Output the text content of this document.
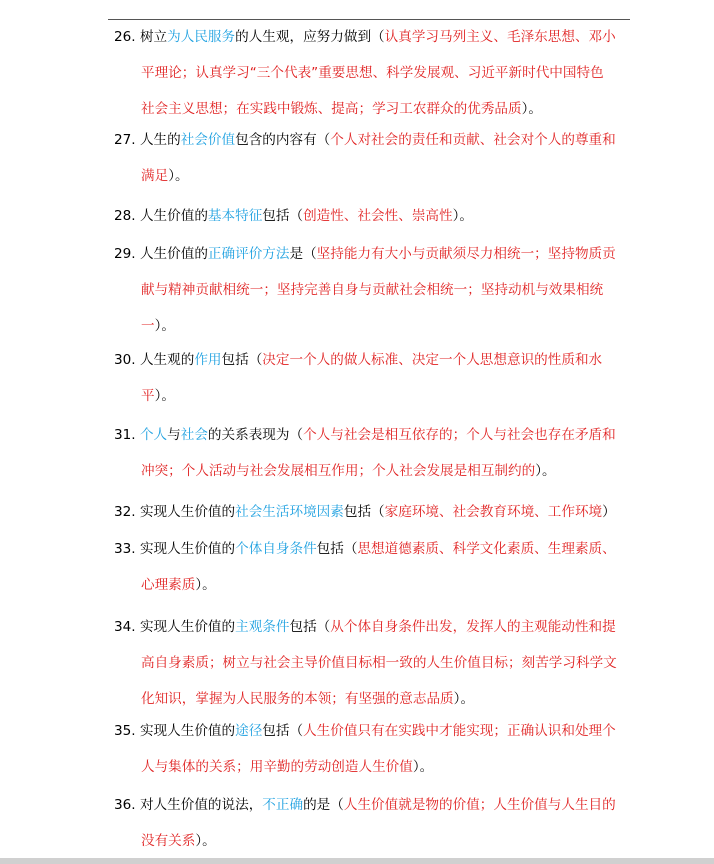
26. 树立为人民服务的人生观，应努力做到（认真学习马列主义、毛泽东思想、邓小
平理论；认真学习“三个代表”重要思想、科学发展观、习近平新时代中国特色
社会主义思想；在实践中锻炼、提高；学习工农群众的优秀品质）。
27. 人生的社会价值包含的内容有（个人对社会的责任和贡献、社会对个人的尊重和
满足）。
28. 人生价值的基本特征包括（创造性、社会性、崇高性）。
29. 人生价值的正确评价方法是（坚持能力有大小与贡献须尽力相统一；坚持物质贡
献与精神贡献相统一；坚持完善自身与贡献社会相统一；坚持动机与效果相统
一）。
30. 人生观的作用包括（决定一个人的做人标准、决定一个人思想意识的性质和水
平）。
31. 个人与社会的关系表现为（个人与社会是相互依存的；个人与社会也存在矛盾和
冲突；个人活动与社会发展相互作用；个人社会发展是相互制约的）。
32. 实现人生价值的社会生活环境因素包括（家庭环境、社会教育环境、工作环境）
33. 实现人生价值的个体自身条件包括（思想道德素质、科学文化素质、生理素质、
心理素质）。
34. 实现人生价值的主观条件包括（从个体自身条件出发，发挥人的主观能动性和提
高自身素质；树立与社会主导价值目标相一致的人生价值目标；刻苦学习科学文
化知识，掌握为人民服务的本领；有坚强的意志品质）。
35. 实现人生价值的途径包括（人生价值只有在实践中才能实现；正确认识和处理个
人与集体的关系；用辛勤的劳动创造人生价值）。
36. 对人生价值的说法，不正确的是（人生价值就是物的价值；人生价值与人生目的
没有关系）。
